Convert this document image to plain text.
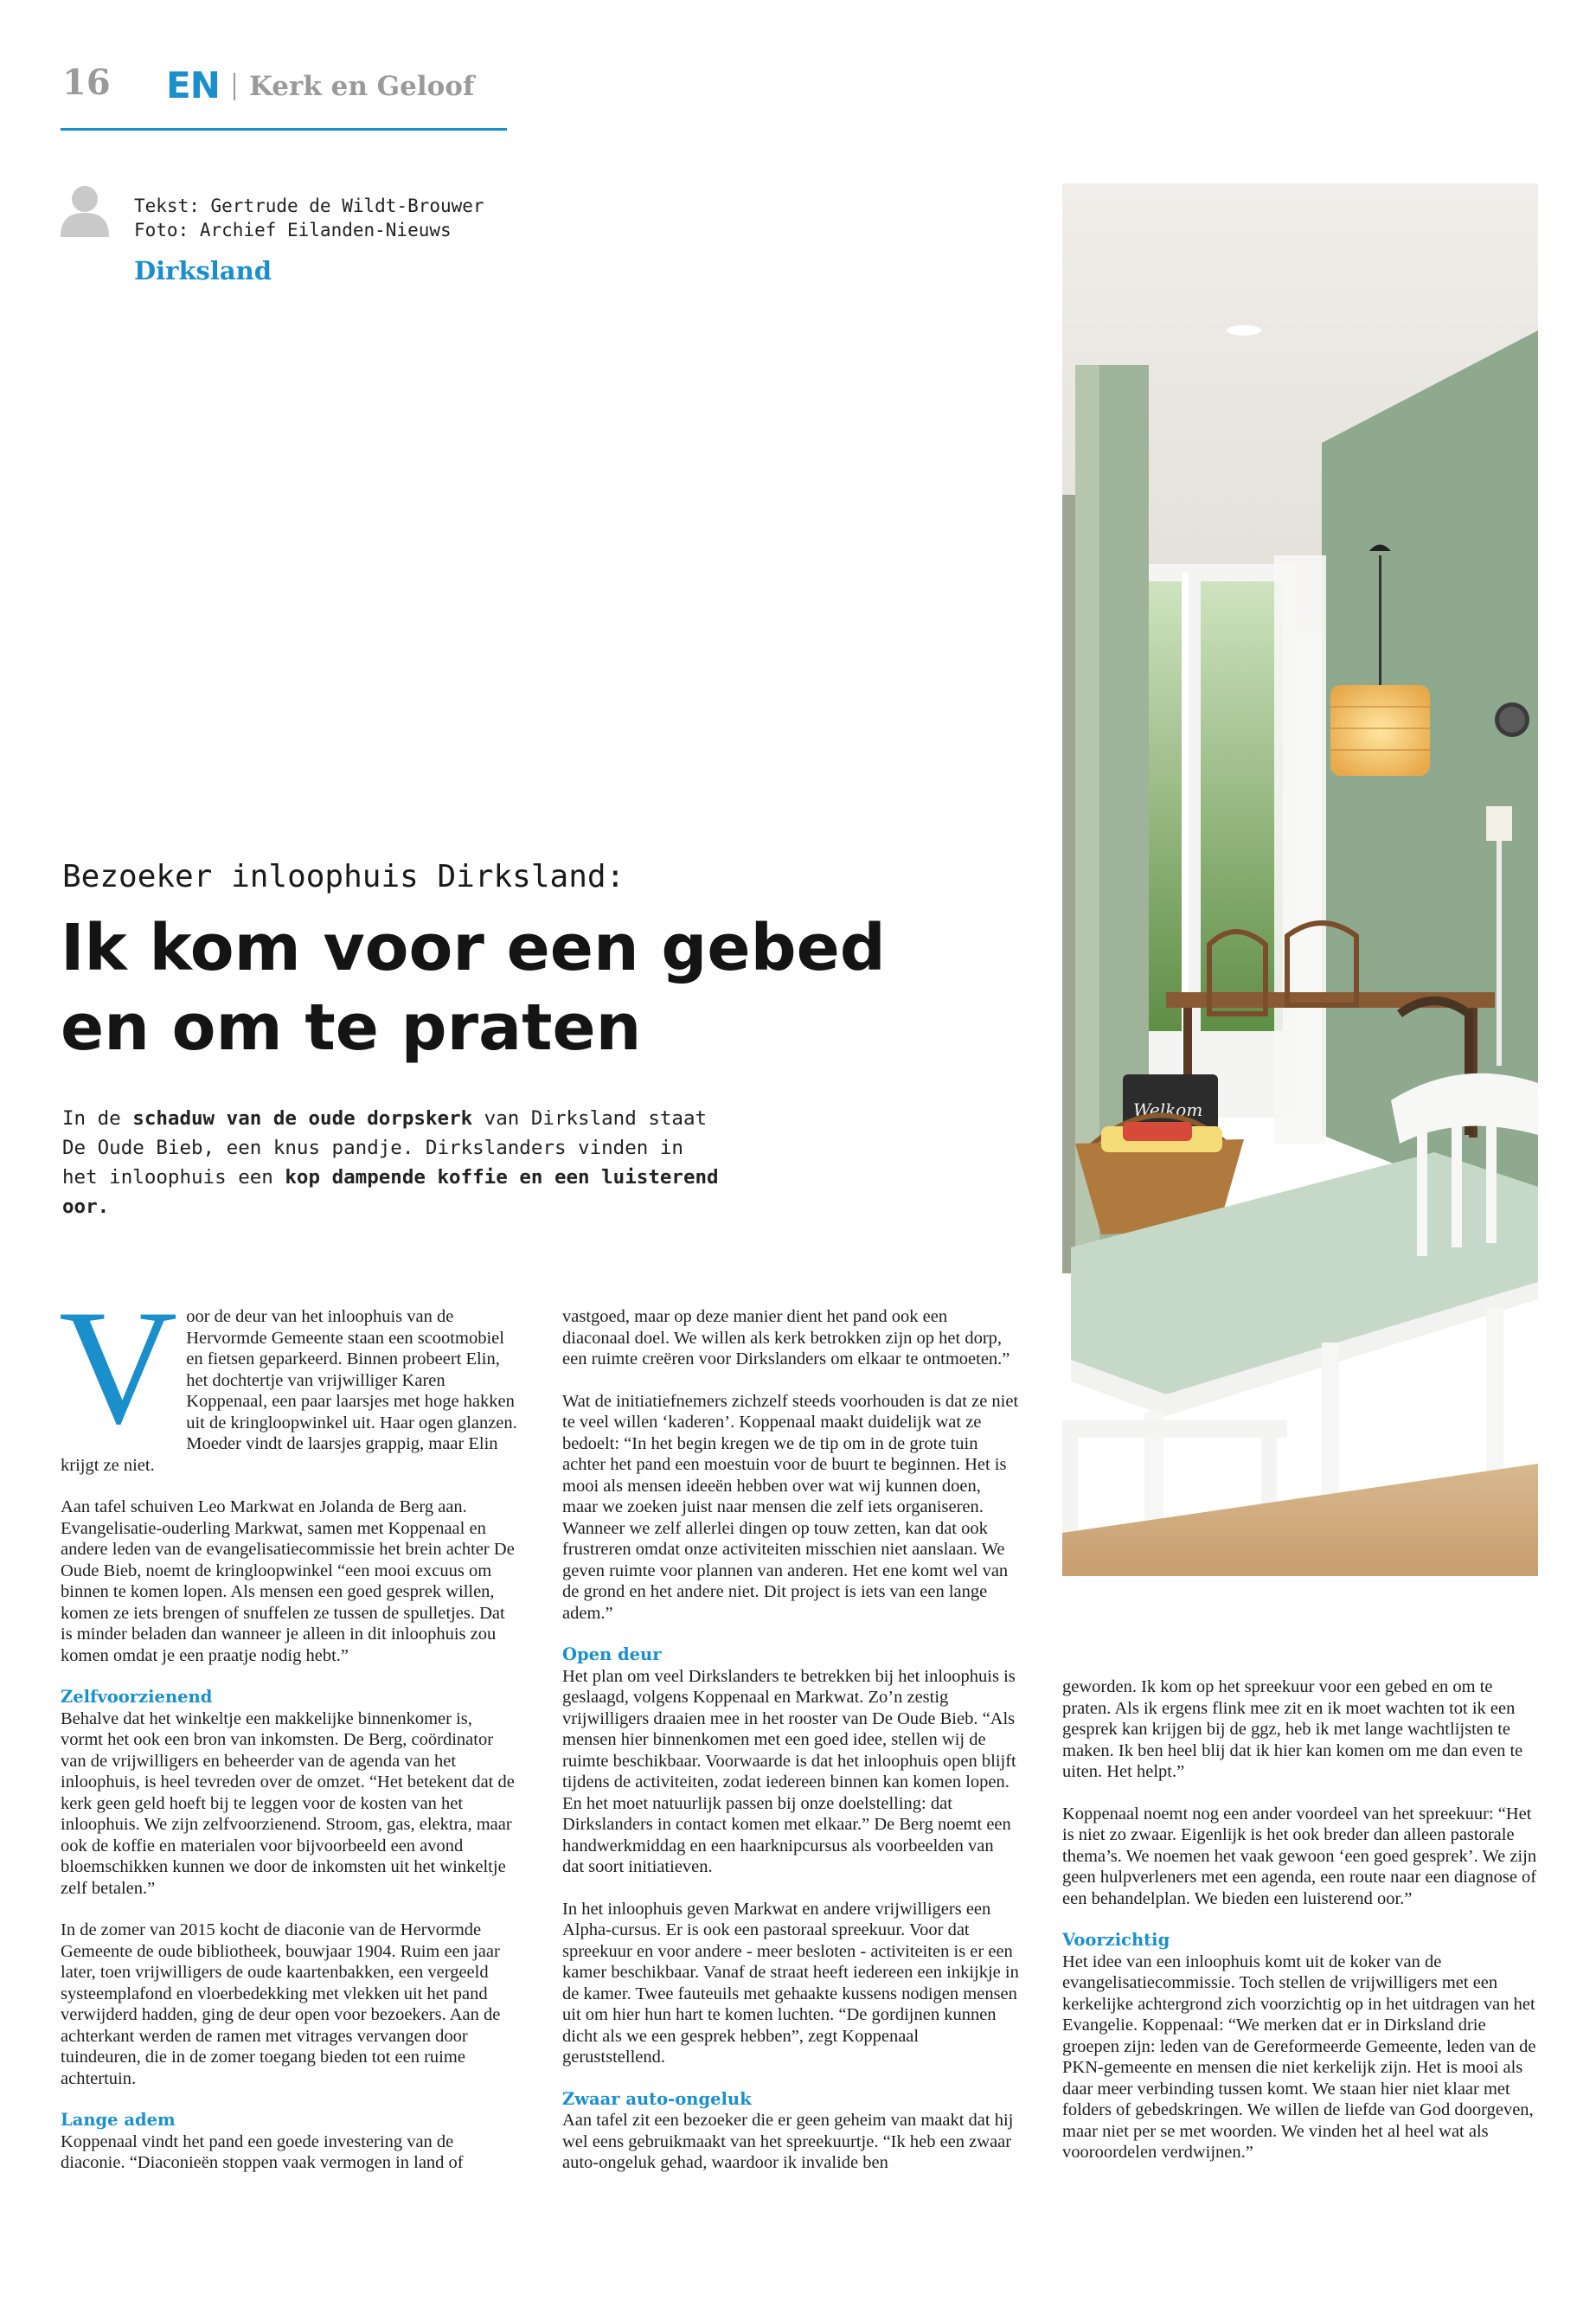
16 EN Kerk en Geloof
Tekst: Gertrude de Wildt-Brouwer
Foto: Archief Eilanden-Nieuws
Dirksland
Welkom
Bezoeker inloophuis Dirksland:
Ik kom voor een gebed
en om te praten
In de schaduw van de oude dorpskerk van Dirksland staat De Oude Bieb, een knus pandje. Dirkslanders vinden in het inloophuis een kop dampende koffie en een luisterend oor.

Voor de deur van het inloophuis van de Hervormde Gemeente staan een scootmobiel en fietsen geparkeerd. Binnen probeert Elin, het dochtertje van vrijwilliger Karen Koppenaal, een paar laarsjes met hoge hakken uit de kringloopwinkel uit. Haar ogen glanzen. Moeder vindt de laarsjes grappig, maar Elin krijgt ze niet.

Aan tafel schuiven Leo Markwat en Jolanda de Berg aan. Evangelisatie-ouderling Markwat, samen met Koppenaal en andere leden van de evangelisatiecommissie het brein achter De Oude Bieb, noemt de kringloopwinkel “een mooi excuus om binnen te komen lopen. Als mensen een goed gesprek willen, komen ze iets brengen of snuffelen ze tussen de spulletjes. Dat is minder beladen dan wanneer je alleen in dit inloophuis zou komen omdat je een praatje nodig hebt.”

Zelfvoorzienend

Behalve dat het winkeltje een makkelijke binnenkomer is, vormt het ook een bron van inkomsten. De Berg, coördinator van de vrijwilligers en beheerder van de agenda van het inloophuis, is heel tevreden over de omzet. “Het betekent dat de kerk geen geld hoeft bij te leggen voor de kosten van het inloophuis. We zijn zelfvoorzienend. Stroom, gas, elektra, maar ook de koffie en materialen voor bijvoorbeeld een avond bloemschikken kunnen we door de inkomsten uit het winkeltje zelf betalen.”

In de zomer van 2015 kocht de diaconie van de Hervormde Gemeente de oude bibliotheek, bouwjaar 1904. Ruim een jaar later, toen vrijwilligers de oude kaartenbakken, een vergeeld systeemplafond en vloerbedekking met vlekken uit het pand verwijderd hadden, ging de deur open voor bezoekers. Aan de achterkant werden de ramen met vitrages vervangen door tuindeuren, die in de zomer toegang bieden tot een ruime achtertuin.

Lange adem

Koppenaal vindt het pand een goede investering van de diaconie. “Diaconieën stoppen vaak vermogen in land of

vastgoed, maar op deze manier dient het pand ook een diaconaal doel. We willen als kerk betrokken zijn op het dorp, een ruimte creëren voor Dirkslanders om elkaar te ontmoeten.”

Wat de initiatiefnemers zichzelf steeds voorhouden is dat ze niet te veel willen ‘kaderen’. Koppenaal maakt duidelijk wat ze bedoelt: “In het begin kregen we de tip om in de grote tuin achter het pand een moestuin voor de buurt te beginnen. Het is mooi als mensen ideeën hebben over wat wij kunnen doen, maar we zoeken juist naar mensen die zelf iets organiseren. Wanneer we zelf allerlei dingen op touw zetten, kan dat ook frustreren omdat onze activiteiten misschien niet aanslaan. We geven ruimte voor plannen van anderen. Het ene komt wel van de grond en het andere niet. Dit project is iets van een lange adem.”

Open deur

Het plan om veel Dirkslanders te betrekken bij het inloophuis is geslaagd, volgens Koppenaal en Markwat. Zo’n zestig vrijwilligers draaien mee in het rooster van De Oude Bieb. “Als mensen hier binnenkomen met een goed idee, stellen wij de ruimte beschikbaar. Voorwaarde is dat het inloophuis open blijft tijdens de activiteiten, zodat iedereen binnen kan komen lopen. En het moet natuurlijk passen bij onze doelstelling: dat Dirkslanders in contact komen met elkaar.” De Berg noemt een handwerkmiddag en een haarknipcursus als voorbeelden van dat soort initiatieven.

In het inloophuis geven Markwat en andere vrijwilligers een Alpha-cursus. Er is ook een pastoraal spreekuur. Voor dat spreekuur en voor andere - meer besloten - activiteiten is er een kamer beschikbaar. Vanaf de straat heeft iedereen een inkijkje in de kamer. Twee fauteuils met gehaakte kussens nodigen mensen uit om hier hun hart te komen luchten. “De gordijnen kunnen dicht als we een gesprek hebben”, zegt Koppenaal geruststellend.

Zwaar auto-ongeluk

Aan tafel zit een bezoeker die er geen geheim van maakt dat hij wel eens gebruikmaakt van het spreekuurtje. “Ik heb een zwaar auto-ongeluk gehad, waardoor ik invalide ben

geworden. Ik kom op het spreekuur voor een gebed en om te praten. Als ik ergens flink mee zit en ik moet wachten tot ik een gesprek kan krijgen bij de ggz, heb ik met lange wachtlijsten te maken. Ik ben heel blij dat ik hier kan komen om me dan even te uiten. Het helpt.”

Koppenaal noemt nog een ander voordeel van het spreekuur: “Het is niet zo zwaar. Eigenlijk is het ook breder dan alleen pastorale thema’s. We noemen het vaak gewoon ‘een goed gesprek’. We zijn geen hulpverleners met een agenda, een route naar een diagnose of een behandelplan. We bieden een luisterend oor.”

Voorzichtig

Het idee van een inloophuis komt uit de koker van de evangelisatiecommissie. Toch stellen de vrijwilligers met een kerkelijke achtergrond zich voorzichtig op in het uitdragen van het Evangelie. Koppenaal: “We merken dat er in Dirksland drie groepen zijn: leden van de Gereformeerde Gemeente, leden van de PKN-gemeente en mensen die niet kerkelijk zijn. Het is mooi als daar meer verbinding tussen komt. We staan hier niet klaar met folders of gebedskringen. We willen de liefde van God doorgeven, maar niet per se met woorden. We vinden het al heel wat als vooroordelen verdwijnen.”
